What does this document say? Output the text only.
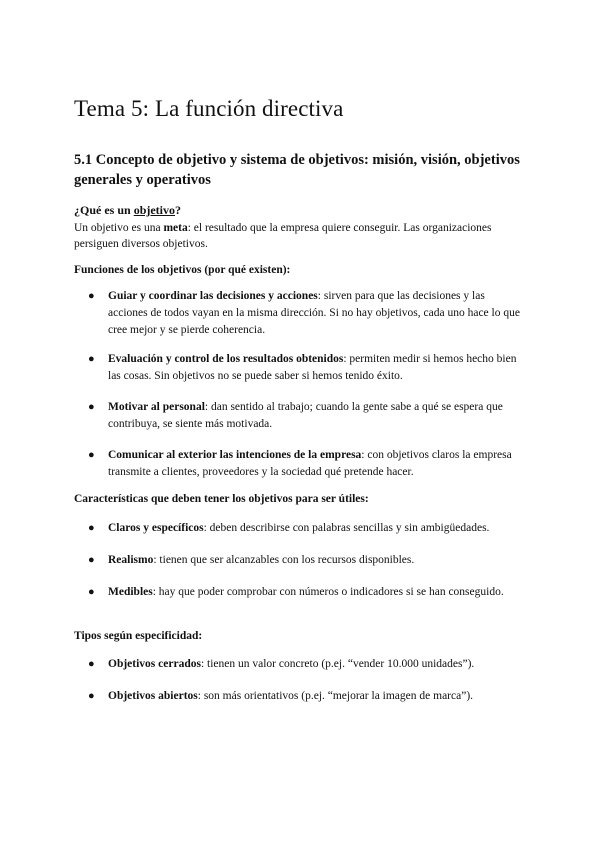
Tema 5: La función directiva
5.1 Concepto de objetivo y sistema de objetivos: misión, visión, objetivos generales y operativos
¿Qué es un objetivo?
Un objetivo es una meta: el resultado que la empresa quiere conseguir. Las organizaciones persiguen diversos objetivos.
Funciones de los objetivos (por qué existen):
● Guiar y coordinar las decisiones y acciones: sirven para que las decisiones y las acciones de todos vayan en la misma dirección. Si no hay objetivos, cada uno hace lo que cree mejor y se pierde coherencia.
● Evaluación y control de los resultados obtenidos: permiten medir si hemos hecho bien las cosas. Sin objetivos no se puede saber si hemos tenido éxito.
● Motivar al personal: dan sentido al trabajo; cuando la gente sabe a qué se espera que contribuya, se siente más motivada.
● Comunicar al exterior las intenciones de la empresa: con objetivos claros la empresa transmite a clientes, proveedores y la sociedad qué pretende hacer.
Características que deben tener los objetivos para ser útiles:
● Claros y específicos: deben describirse con palabras sencillas y sin ambigüedades.
● Realismo: tienen que ser alcanzables con los recursos disponibles.
● Medibles: hay que poder comprobar con números o indicadores si se han conseguido.
Tipos según especificidad:
● Objetivos cerrados: tienen un valor concreto (p.ej. “vender 10.000 unidades”).
● Objetivos abiertos: son más orientativos (p.ej. “mejorar la imagen de marca”).
